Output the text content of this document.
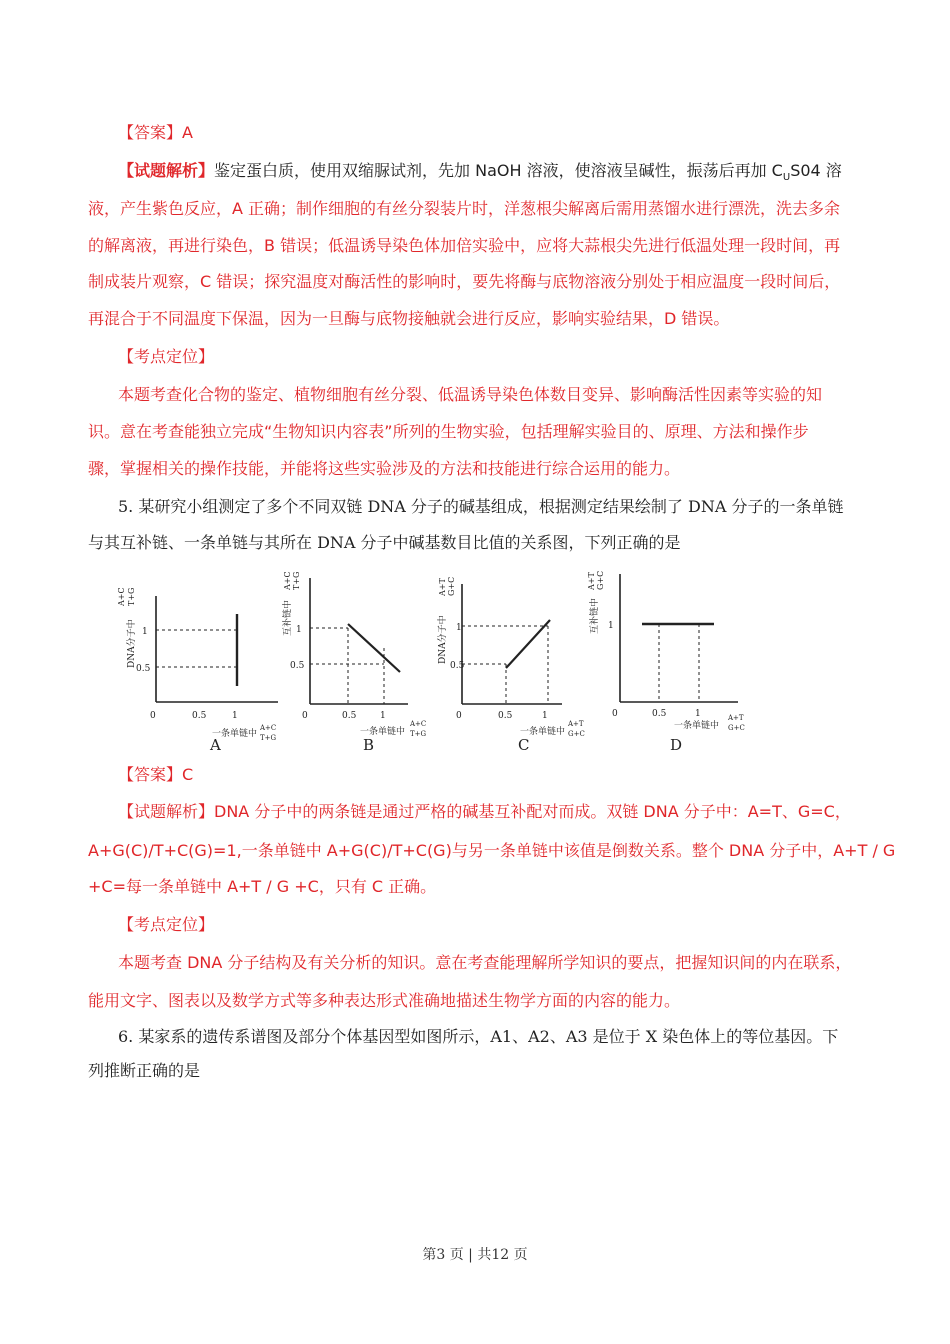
【答案】A
【试题解析】鉴定蛋白质，使用双缩脲试剂，先加 NaOH 溶液，使溶液呈碱性，振荡后再加 $C_US04$ 溶
液，产生紫色反应，A 正确；制作细胞的有丝分裂装片时，洋葱根尖解离后需用蒸馏水进行漂洗，洗去多余
的解离液，再进行染色，B 错误；低温诱导染色体加倍实验中，应将大蒜根尖先进行低温处理一段时间，再
制成装片观察，C 错误；探究温度对酶活性的影响时，要先将酶与底物溶液分别处于相应温度一段时间后，
再混合于不同温度下保温，因为一旦酶与底物接触就会进行反应，影响实验结果，D 错误。
【考点定位】
本题考查化合物的鉴定、植物细胞有丝分裂、低温诱导染色体数目变异、影响酶活性因素等实验的知
识。意在考查能独立完成“生物知识内容表”所列的生物实验，包括理解实验目的、原理、方法和操作步
骤，掌握相关的操作技能，并能将这些实验涉及的方法和技能进行综合运用的能力。
5. 某研究小组测定了多个不同双链 DNA 分子的碱基组成，根据测定结果绘制了 DNA 分子的一条单链
与其互补链、一条单链与其所在 DNA 分子中碱基数目比值的关系图，下列正确的是
DNA分子中
A+C T+G
1
0.5
0	0.5	1
一条单链中
A+C
T+G
互补链中
A+C T+G
1
0.5
0	0.5	1
一条单链中
A+C
T+G
DNA分子中
A+T G+C
1
0.5
0	0.5	1
一条单链中
A+T
G+C
互补链中
A+T G+C
1
0	0.5	1
一条单链中
A+T
G+C
A	B	C	D
【答案】C
【试题解析】DNA 分子中的两条链是通过严格的碱基互补配对而成。双链 DNA 分子中：A=T、G=C，
A+G(C)/T+C(G)=1,一条单链中 A+G(C)/T+C(G)与另一条单链中该值是倒数关系。整个 DNA 分子中，A+T / G
+C=每一条单链中 A+T / G +C，只有 C 正确。
【考点定位】
本题考查 DNA 分子结构及有关分析的知识。意在考查能理解所学知识的要点，把握知识间的内在联系，
能用文字、图表以及数学方式等多种表达形式准确地描述生物学方面的内容的能力。
6. 某家系的遗传系谱图及部分个体基因型如图所示，A1、A2、A3 是位于 X 染色体上的等位基因。下
列推断正确的是
第3 页 | 共12 页
